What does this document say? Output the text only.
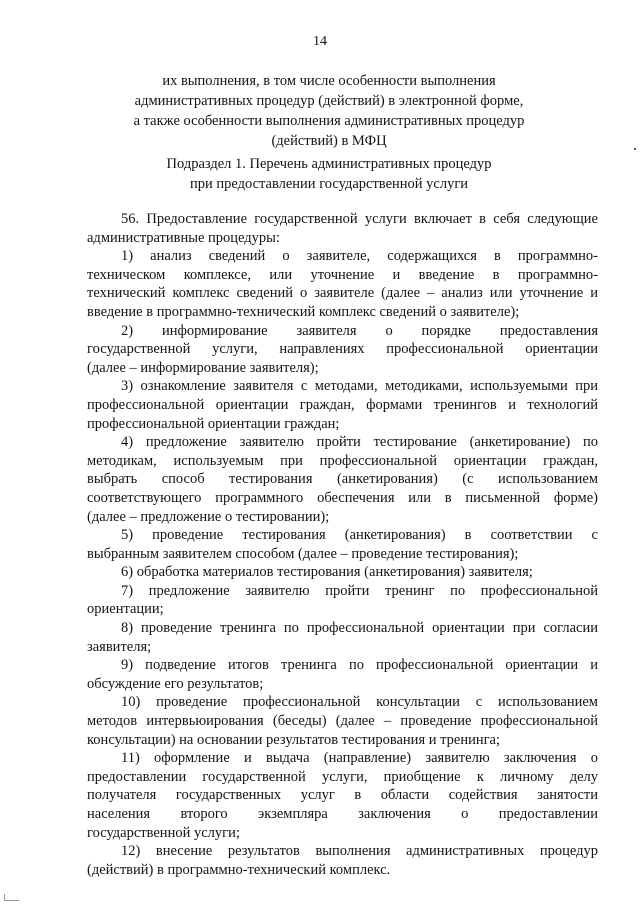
14
их выполнения, в том числе особенности выполнения
административных процедур (действий) в электронной форме,
а также особенности выполнения административных процедур
(действий) в МФЦ
Подраздел 1. Перечень административных процедур
при предоставлении государственной услуги
56. Предоставление государственной услуги включает в себя следующие
административные процедуры:
1) анализ сведений о заявителе, содержащихся в программно-
техническом комплексе, или уточнение и введение в программно-
технический комплекс сведений о заявителе (далее – анализ или уточнение и
введение в программно-технический комплекс сведений о заявителе);
2) информирование заявителя о порядке предоставления
государственной услуги, направлениях профессиональной ориентации
(далее – информирование заявителя);
3) ознакомление заявителя с методами, методиками, используемыми при
профессиональной ориентации граждан, формами тренингов и технологий
профессиональной ориентации граждан;
4) предложение заявителю пройти тестирование (анкетирование) по
методикам, используемым при профессиональной ориентации граждан,
выбрать способ тестирования (анкетирования) (с использованием
соответствующего программного обеспечения или в письменной форме)
(далее – предложение о тестировании);
5) проведение тестирования (анкетирования) в соответствии с
выбранным заявителем способом (далее – проведение тестирования);
6) обработка материалов тестирования (анкетирования) заявителя;
7) предложение заявителю пройти тренинг по профессиональной
ориентации;
8) проведение тренинга по профессиональной ориентации при согласии
заявителя;
9) подведение итогов тренинга по профессиональной ориентации и
обсуждение его результатов;
10) проведение профессиональной консультации с использованием
методов интервьюирования (беседы) (далее – проведение профессиональной
консультации) на основании результатов тестирования и тренинга;
11) оформление и выдача (направление) заявителю заключения о
предоставлении государственной услуги, приобщение к личному делу
получателя государственных услуг в области содействия занятости
населения второго экземпляра заключения о предоставлении
государственной услуги;
12) внесение результатов выполнения административных процедур
(действий) в программно-технический комплекс.
